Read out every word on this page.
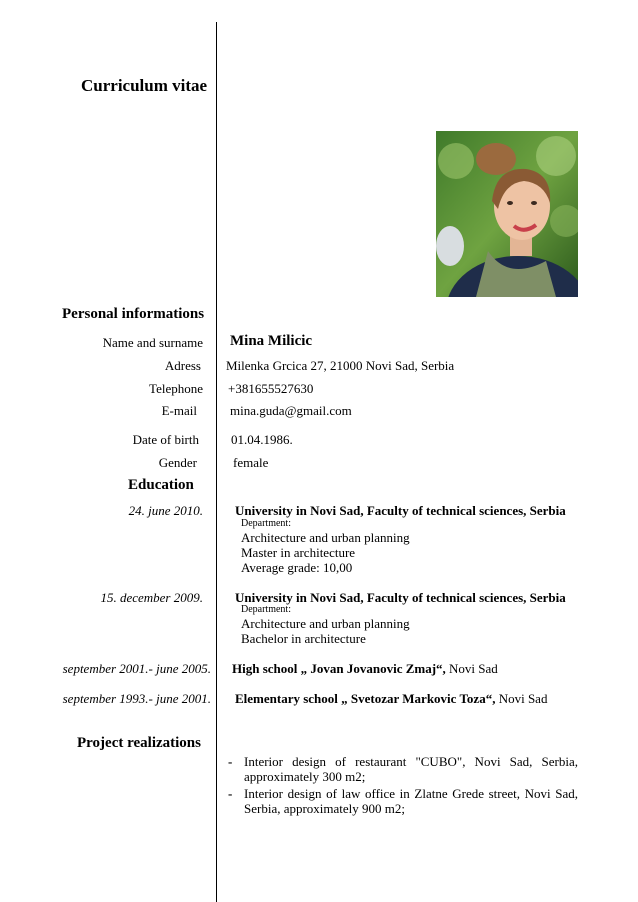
Curriculum vitae
Personal informations
Name and surname Mina Milicic
Adress Milenka Grcica 27, 21000 Novi Sad, Serbia
Telephone +381655527630
E-mail	mina.guda@gmail.com
Date of birth 01.04.1986.
Gender	female
Education
24. june 2010. University in Novi Sad, Faculty of technical sciences, Serbia
Department:
Architecture and urban planning
Master in architecture
Average grade: 10,00
15. december 2009. University in Novi Sad, Faculty of technical sciences, Serbia
Department:
Architecture and urban planning
Bachelor in architecture
september 2001.- june 2005. High school „ Jovan Jovanovic Zmaj“, Novi Sad
september 1993.- june 2001. Elementary school „ Svetozar Markovic Toza“, Novi Sad
Project realizations
- Interior design of restaurant "CUBO", Novi Sad, Serbia, approximately 300 m2;
- Interior design of law office in Zlatne Grede street, Novi Sad, Serbia, approximately 900 m2;
